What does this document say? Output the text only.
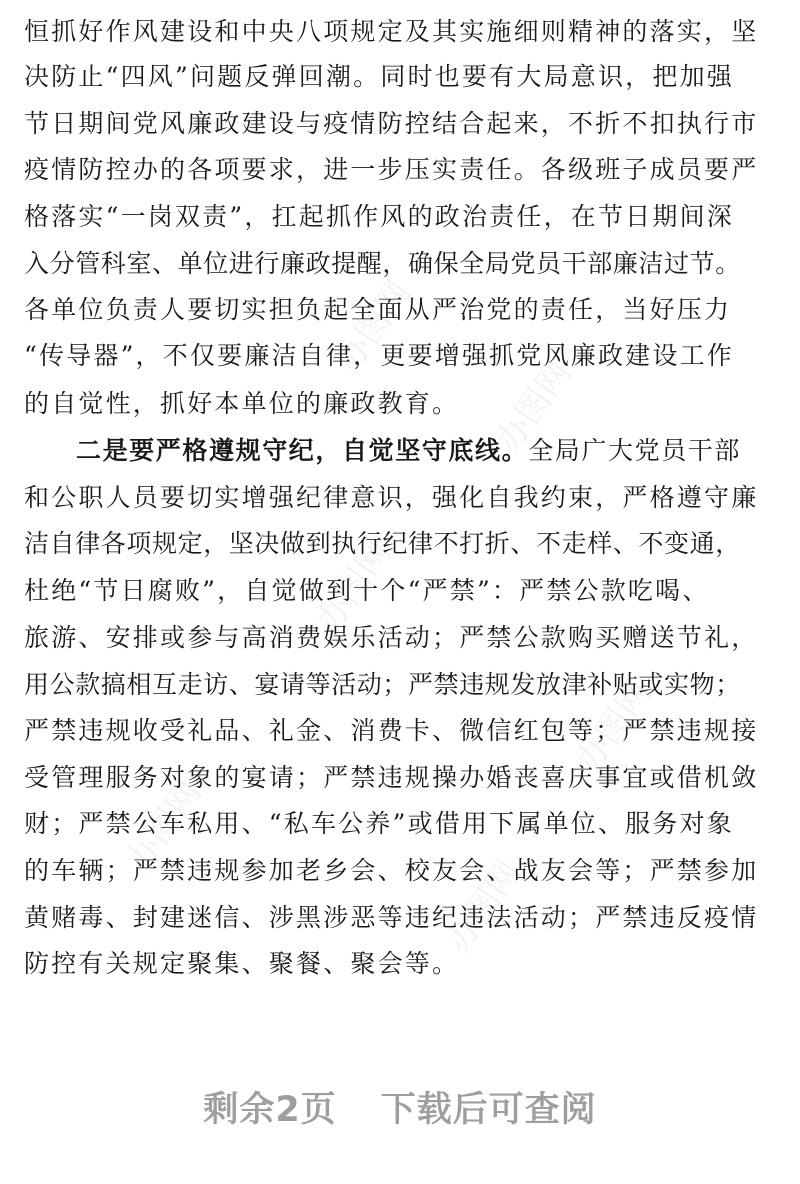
办图网
办图网
办图网
办图网
办图网
办图网
恒抓好作风建设和中央八项规定及其实施细则精神的落实，坚
决防止“四风”问题反弹回潮。同时也要有大局意识，把加强
节日期间党风廉政建设与疫情防控结合起来，不折不扣执行市
疫情防控办的各项要求，进一步压实责任。各级班子成员要严
格落实“一岗双责”，扛起抓作风的政治责任，在节日期间深
入分管科室、单位进行廉政提醒，确保全局党员干部廉洁过节。
各单位负责人要切实担负起全面从严治党的责任，当好压力
“传导器”，不仅要廉洁自律，更要增强抓党风廉政建设工作
的自觉性，抓好本单位的廉政教育。
二是要严格遵规守纪，自觉坚守底线。全局广大党员干部
和公职人员要切实增强纪律意识，强化自我约束，严格遵守廉
洁自律各项规定，坚决做到执行纪律不打折、不走样、不变通，
杜绝“节日腐败”，自觉做到十个“严禁”：严禁公款吃喝、
旅游、安排或参与高消费娱乐活动；严禁公款购买赠送节礼，
用公款搞相互走访、宴请等活动；严禁违规发放津补贴或实物；
严禁违规收受礼品、礼金、消费卡、微信红包等；严禁违规接
受管理服务对象的宴请；严禁违规操办婚丧喜庆事宜或借机敛
财；严禁公车私用、“私车公养”或借用下属单位、服务对象
的车辆；严禁违规参加老乡会、校友会、战友会等；严禁参加
黄赌毒、封建迷信、涉黑涉恶等违纪违法活动；严禁违反疫情
防控有关规定聚集、聚餐、聚会等。
剩余2页 下载后可查阅
